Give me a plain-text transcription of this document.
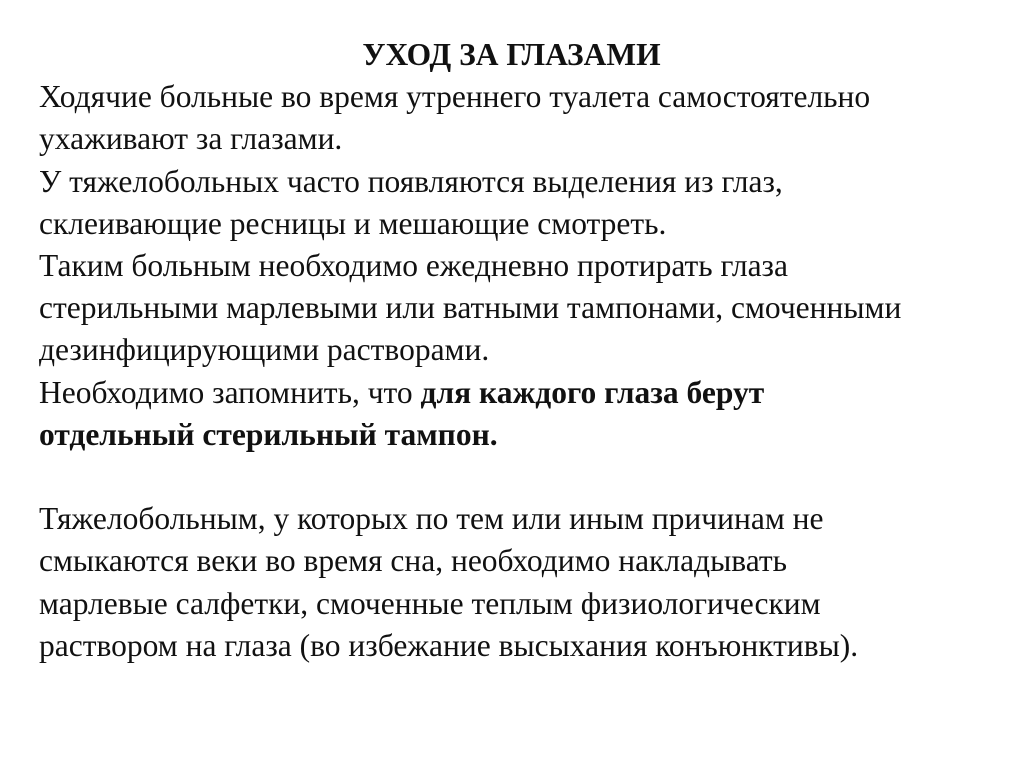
УХОД ЗА ГЛАЗАМИ

Ходячие больные во время утреннего туалета самостоятельно
ухаживают за глазами.

У тяжелобольных часто появляются выделения из глаз,
склеивающие ресницы и мешающие смотреть.

Таким больным необходимо ежедневно протирать глаза
стерильными марлевыми или ватными тампонами, смоченными
дезинфицирующими растворами.

Необходимо запомнить, что для каждого глаза берут
отдельный стерильный тампон.

Тяжелобольным, у которых по тем или иным причинам не
смыкаются веки во время сна, необходимо накладывать
марлевые салфетки, смоченные теплым физиологическим
раствором на глаза (во избежание высыхания конъюнктивы).
